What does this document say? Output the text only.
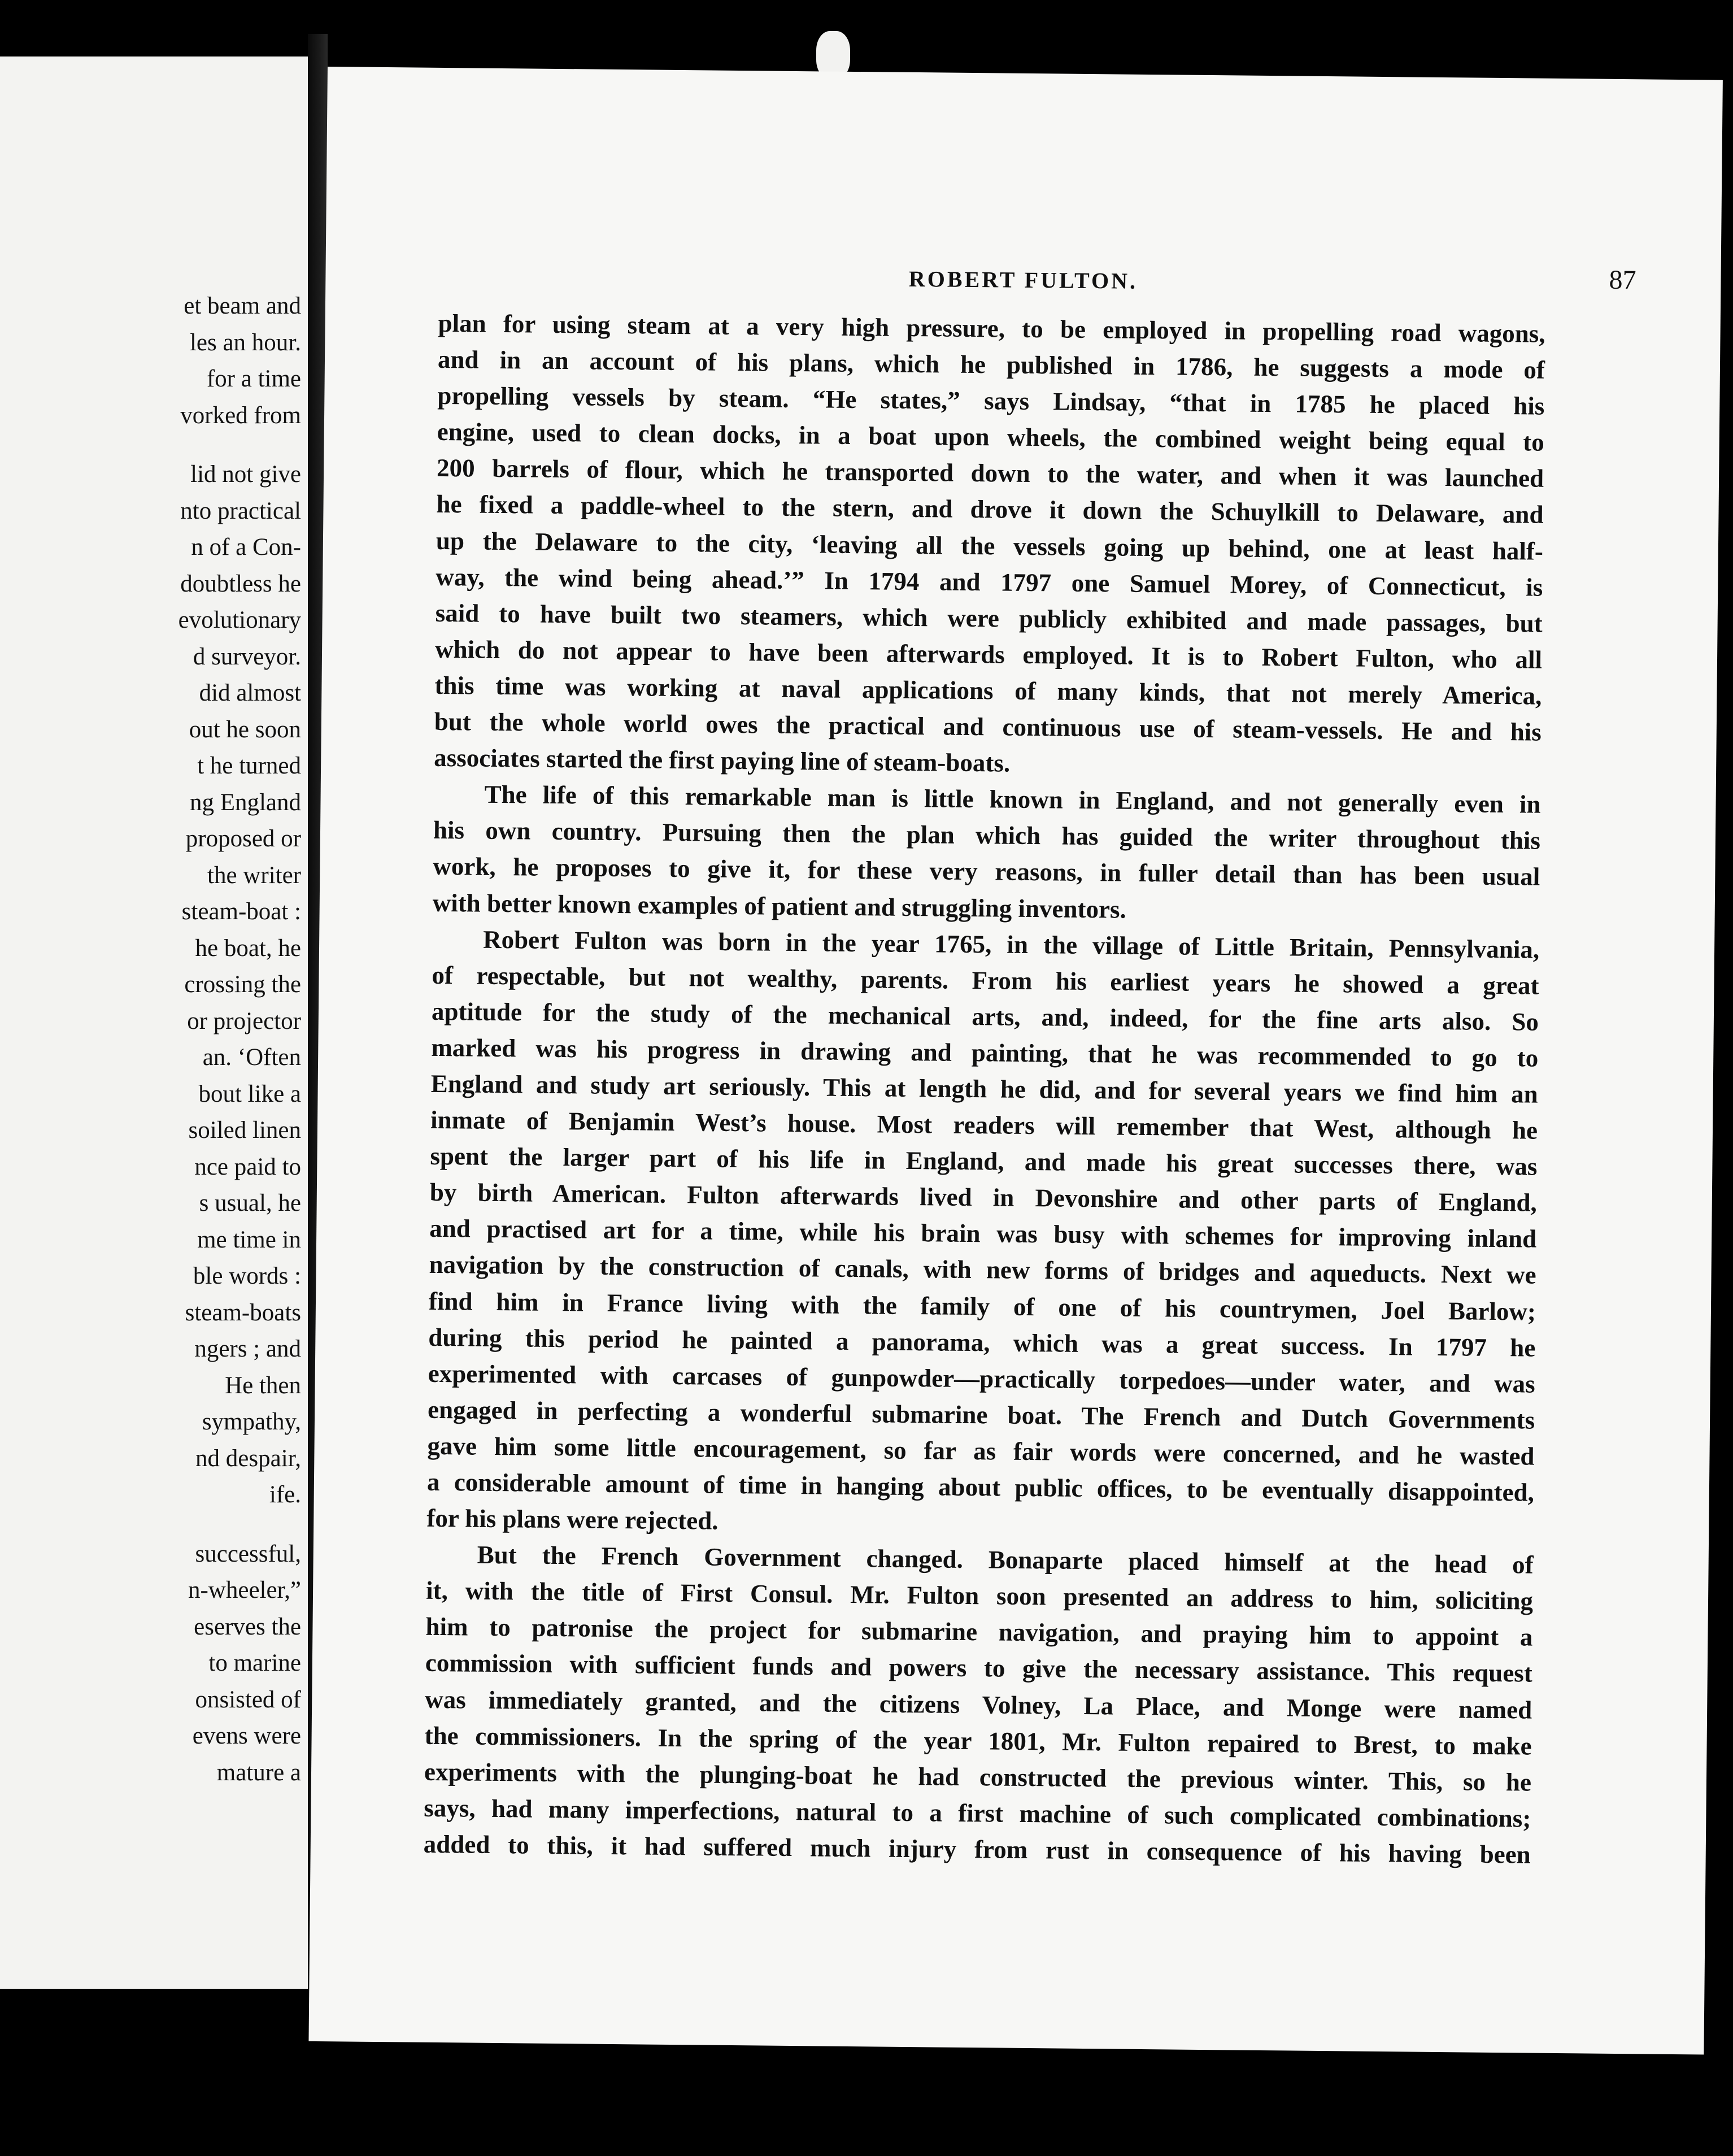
et beam and
les an hour.
for a time
vorked from
lid not give
nto practical
n of a Con-
doubtless he
evolutionary
d surveyor.
did almost
out he soon
t he turned
ng England
proposed or
the writer
steam-boat :
he boat, he
crossing the
or projector
an. ‘Often
bout like a
soiled linen
nce paid to
s usual, he
me time in
ble words :
steam-boats
ngers ; and
He then
sympathy,
nd despair,
ife.
successful,
n-wheeler,”
eserves the
to marine
onsisted of
evens were
mature a
ROBERT FULTON.	87
plan for using steam at a very high pressure, to be employed in propelling road wagons,
and in an account of his plans, which he published in 1786, he suggests a mode of
propelling vessels by steam. “He states,” says Lindsay, “that in 1785 he placed his
engine, used to clean docks, in a boat upon wheels, the combined weight being equal to
200 barrels of flour, which he transported down to the water, and when it was launched
he fixed a paddle-wheel to the stern, and drove it down the Schuylkill to Delaware, and
up the Delaware to the city, ‘leaving all the vessels going up behind, one at least half-
way, the wind being ahead.’” In 1794 and 1797 one Samuel Morey, of Connecticut, is
said to have built two steamers, which were publicly exhibited and made passages, but
which do not appear to have been afterwards employed. It is to Robert Fulton, who all
this time was working at naval applications of many kinds, that not merely America,
but the whole world owes the practical and continuous use of steam-vessels. He and his
associates started the first paying line of steam-boats.
The life of this remarkable man is little known in England, and not generally even in
his own country. Pursuing then the plan which has guided the writer throughout this
work, he proposes to give it, for these very reasons, in fuller detail than has been usual
with better known examples of patient and struggling inventors.
Robert Fulton was born in the year 1765, in the village of Little Britain, Pennsylvania,
of respectable, but not wealthy, parents. From his earliest years he showed a great
aptitude for the study of the mechanical arts, and, indeed, for the fine arts also. So
marked was his progress in drawing and painting, that he was recommended to go to
England and study art seriously. This at length he did, and for several years we find him an
inmate of Benjamin West’s house. Most readers will remember that West, although he
spent the larger part of his life in England, and made his great successes there, was
by birth American. Fulton afterwards lived in Devonshire and other parts of England,
and practised art for a time, while his brain was busy with schemes for improving inland
navigation by the construction of canals, with new forms of bridges and aqueducts. Next we
find him in France living with the family of one of his countrymen, Joel Barlow;
during this period he painted a panorama, which was a great success. In 1797 he
experimented with carcases of gunpowder—practically torpedoes—under water, and was
engaged in perfecting a wonderful submarine boat. The French and Dutch Governments
gave him some little encouragement, so far as fair words were concerned, and he wasted
a considerable amount of time in hanging about public offices, to be eventually disappointed,
for his plans were rejected.
But the French Government changed. Bonaparte placed himself at the head of
it, with the title of First Consul. Mr. Fulton soon presented an address to him, soliciting
him to patronise the project for submarine navigation, and praying him to appoint a
commission with sufficient funds and powers to give the necessary assistance. This request
was immediately granted, and the citizens Volney, La Place, and Monge were named
the commissioners. In the spring of the year 1801, Mr. Fulton repaired to Brest, to make
experiments with the plunging-boat he had constructed the previous winter. This, so he
says, had many imperfections, natural to a first machine of such complicated combinations;
added to this, it had suffered much injury from rust in consequence of his having been
